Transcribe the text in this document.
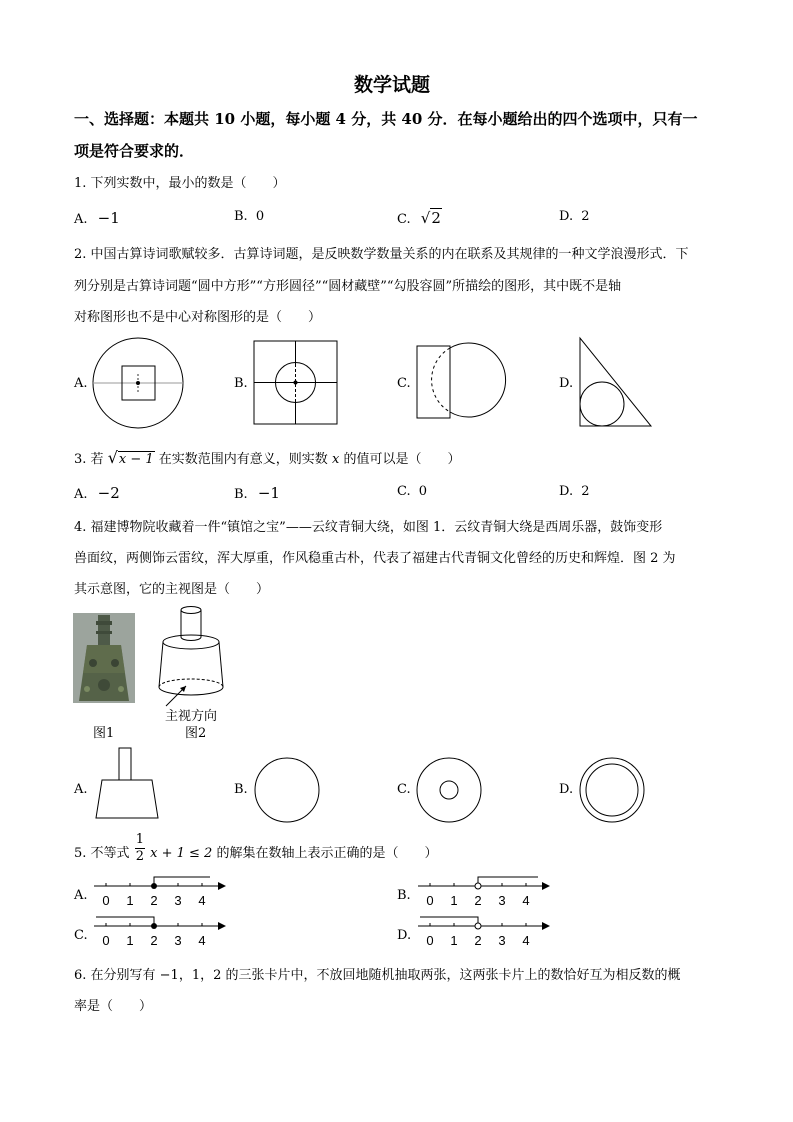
数学试题
一、选择题：本题共 10 小题，每小题 4 分，共 40 分．在每小题给出的四个选项中，只有一
项是符合要求的．
1. 下列实数中，最小的数是（　　）
A. −1	B. 0	C. √2	D. 2
2. 中国古算诗词歌赋较多．古算诗词题，是反映数学数量关系的内在联系及其规律的一种文学浪漫形式．下
列分别是古算诗词题“圆中方形”“方形圆径”“圆材藏壁”“勾股容圆”所描绘的图形，其中既不是轴
对称图形也不是中心对称图形的是（　　）
A.	B.	C.	D.
3. 若 √x − 1 在实数范围内有意义，则实数 x 的值可以是（　　）
A. −2	B. −1	C. 0	D. 2
4. 福建博物院收藏着一件“镇馆之宝”——云纹青铜大绕，如图 1．云纹青铜大绕是西周乐器，鼓饰变形
兽面纹，两侧饰云雷纹，浑大厚重，作风稳重古朴，代表了福建古代青铜文化曾经的历史和辉煌．图 2 为
其示意图，它的主视图是（　　）
图1
主视方向
图2
A.	B.	C.	D.
5. 不等式 $\frac{1}{2}$ x + 1 ≤ 2 的解集在数轴上表示正确的是（　　）
A. 0 1 2 3 4	B. 0 1 2 3 4
C. 0 1 2 3 4	D. 0 1 2 3 4
6. 在分别写有 −1，1，2 的三张卡片中，不放回地随机抽取两张，这两张卡片上的数恰好互为相反数的概
率是（　　）
